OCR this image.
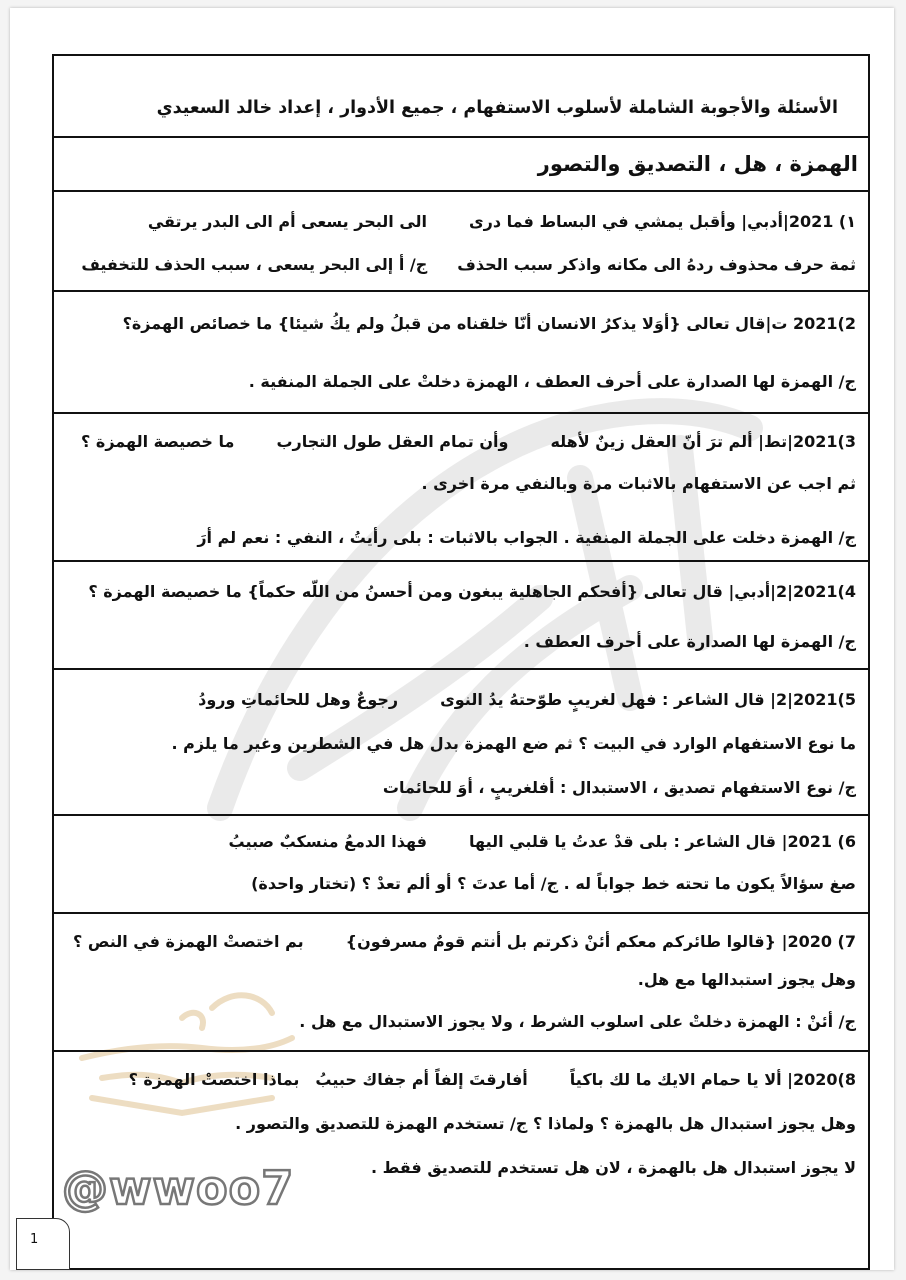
الأسئلة والأجوبة الشاملة لأسلوب الاستفهام ، جميع الأدوار ، إعداد خالد السعيدي
الهمزة ، هل ، التصديق والتصور
١) 2021|أدبي| وأقبل يمشي في البساط فما درىالى البحر يسعى أم الى البدر يرتقي
ثمة حرف محذوف ردهُ الى مكانه واذكر سبب الحذفج/ أ إلى البحر يسعى ، سبب الحذف للتخفيف
2)2021 ت|قال تعالى {أوَلا يذكرُ الانسان أنّا خلقناه من قبلُ ولم يكُ شيئا} ما خصائص الهمزة؟
ج/ الهمزة لها الصدارة على أحرف العطف ، الهمزة دخلتْ على الجملة المنفية .
3)2021|تط| ألم ترَ أنّ العقل زينٌ لأهلهوأن تمام العقل طول التجاربما خصيصة الهمزة ؟
ثم اجب عن الاستفهام بالاثبات مرة وبالنفي مرة اخرى .
ج/ الهمزة دخلت على الجملة المنفية . الجواب بالاثبات : بلى رأيتُ ، النفي : نعم لم أرَ
4)2021|2|أدبي| قال تعالى {أفحكم الجاهلية يبغون ومن أحسنُ من اللّه حكماً} ما خصيصة الهمزة ؟
ج/ الهمزة لها الصدارة على أحرف العطف .
5)2021|2| قال الشاعر : فهل لغريبٍ طوّحتهُ يدُ النوىرجوعٌ وهل للحائماتِ ورودُ
ما نوع الاستفهام الوارد في البيت ؟ ثم ضع الهمزة بدل هل في الشطرين وغير ما يلزم .
ج/ نوع الاستفهام تصديق ، الاستبدال : أفلغريبٍ ، أوَ للحائمات
6) 2021| قال الشاعر : بلى قدْ عدتُ يا قلبي اليهافهذا الدمعُ منسكبٌ صبيبُ
صغ سؤالاً يكون ما تحته خط جواباً له . ج/ أما عدتَ ؟ أو ألم تعدْ ؟ (تختار واحدة)
7) 2020| {قالوا طائركم معكم أئنْ ذكرتم بل أنتم قومٌ مسرفون}بم اختصتْ الهمزة في النص ؟
وهل يجوز استبدالها مع هل.
ج/ أئنْ : الهمزة دخلتْ على اسلوب الشرط ، ولا يجوز الاستبدال مع هل .
8)2020| ألا يا حمام الايك ما لك باكياًأفارقتَ إلفاً أم جفاك حبيبُبماذا اختصتْ الهمزة ؟
وهل يجوز استبدال هل بالهمزة ؟ ولماذا ؟ ج/ تستخدم الهمزة للتصديق والتصور .
لا يجوز استبدال هل بالهمزة ، لان هل تستخدم للتصديق فقط .
@wwoo7
1
